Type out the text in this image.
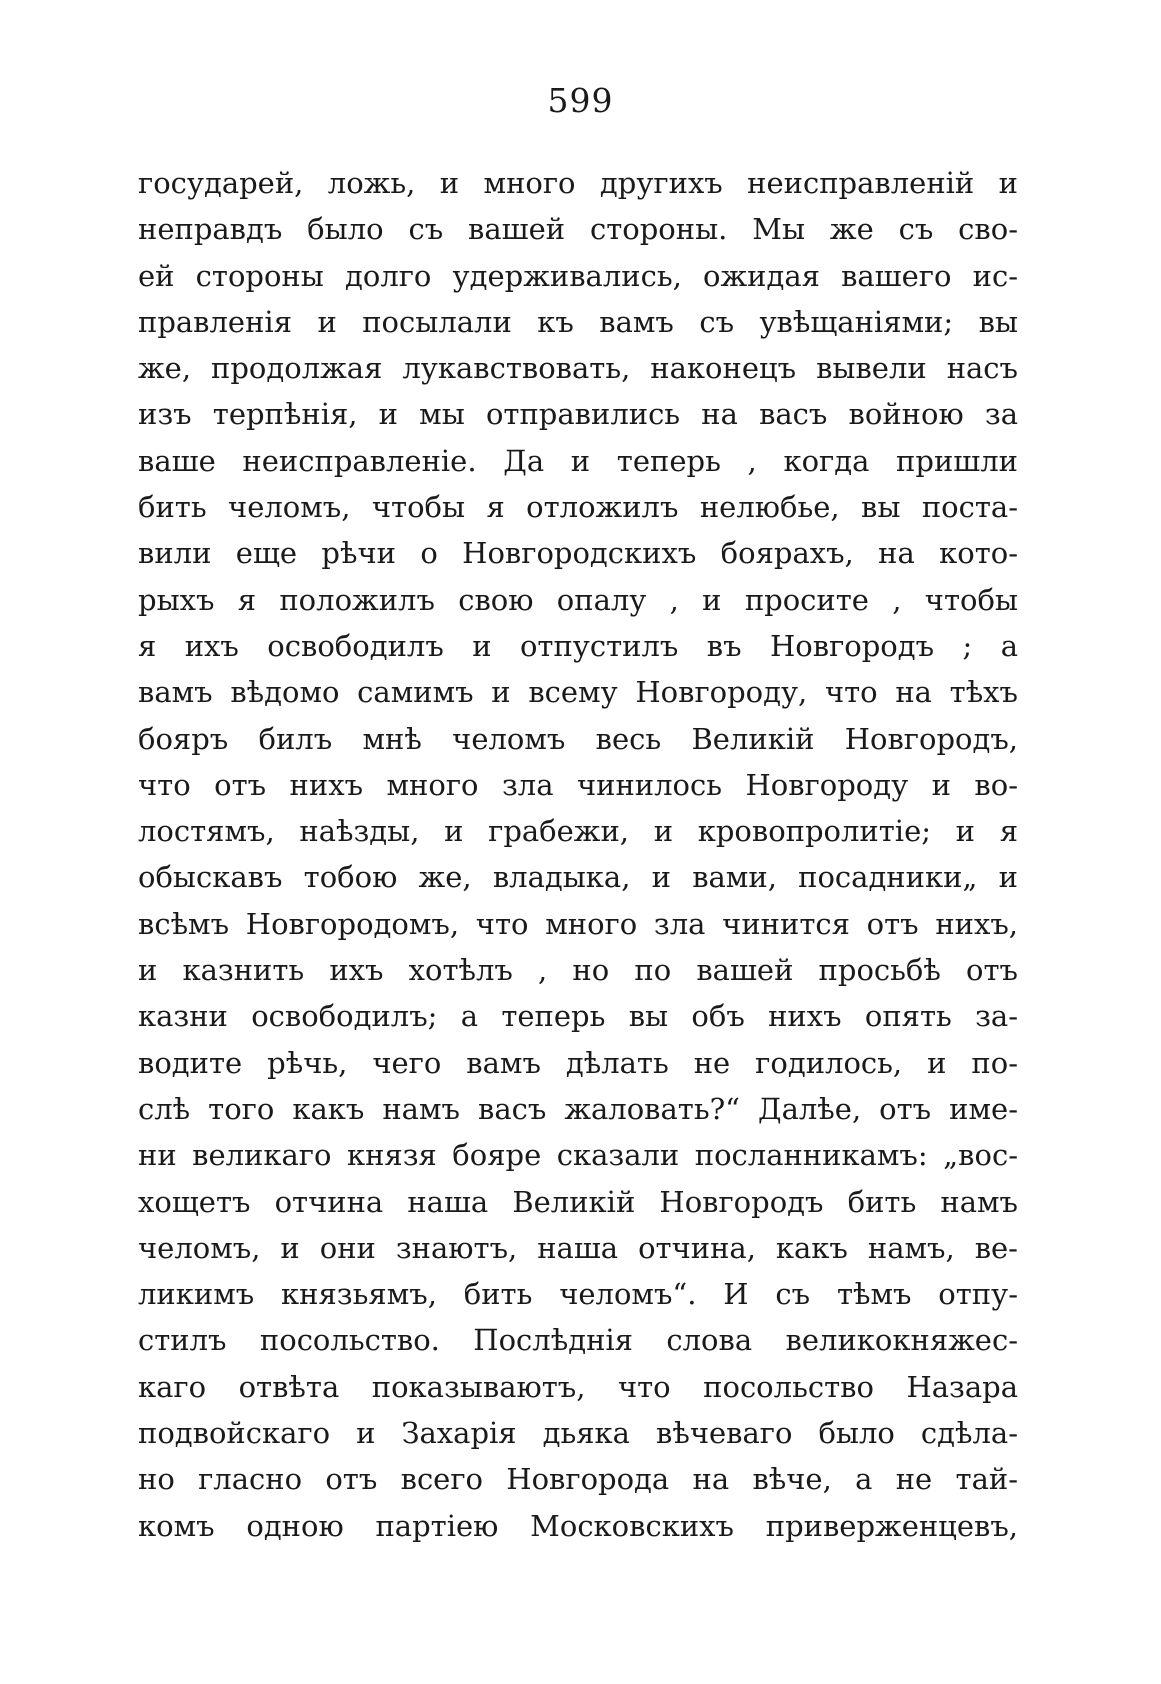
599
государей, ложь, и много другихъ неисправленій и
неправдъ было съ вашей стороны. Мы же съ сво-
ей стороны долго удерживались, ожидая вашего ис-
правленія и посылали къ вамъ съ увѣщаніями; вы
же, продолжая лукавствовать, наконецъ вывели насъ
изъ терпѣнія, и мы отправились на васъ войною за
ваше неисправленіе. Да и теперь , когда пришли
бить челомъ, чтобы я отложилъ нелюбье, вы поста-
вили еще рѣчи о Новгородскихъ боярахъ, на кото-
рыхъ я положилъ свою опалу , и просите , чтобы
я ихъ освободилъ и отпустилъ въ Новгородъ ; а
вамъ вѣдомо самимъ и всему Новгороду, что на тѣхъ
бояръ билъ мнѣ челомъ весь Великій Новгородъ,
что отъ нихъ много зла чинилось Новгороду и во-
лостямъ, наѣзды, и грабежи, и кровопролитіе; и я
обыскавъ тобою же, владыка, и вами, посадники„ и
всѣмъ Новгородомъ, что много зла чинится отъ нихъ,
и казнить ихъ хотѣлъ , но по вашей просьбѣ отъ
казни освободилъ; а теперь вы объ нихъ опять за-
водите рѣчь, чего вамъ дѣлать не годилось, и по-
слѣ того какъ намъ васъ жаловать?“ Далѣе, отъ име-
ни великаго князя бояре сказали посланникамъ: „вос-
хощетъ отчина наша Великій Новгородъ бить намъ
челомъ, и они знаютъ, наша отчина, какъ намъ, ве-
ликимъ князьямъ, бить челомъ“. И съ тѣмъ отпу-
стилъ посольство. Послѣднія слова великокняжес-
каго отвѣта показываютъ, что посольство Назара
подвойскаго и Захарія дьяка вѣчеваго было сдѣла-
но гласно отъ всего Новгорода на вѣче, а не тай-
комъ одною партіею Московскихъ приверженцевъ,
